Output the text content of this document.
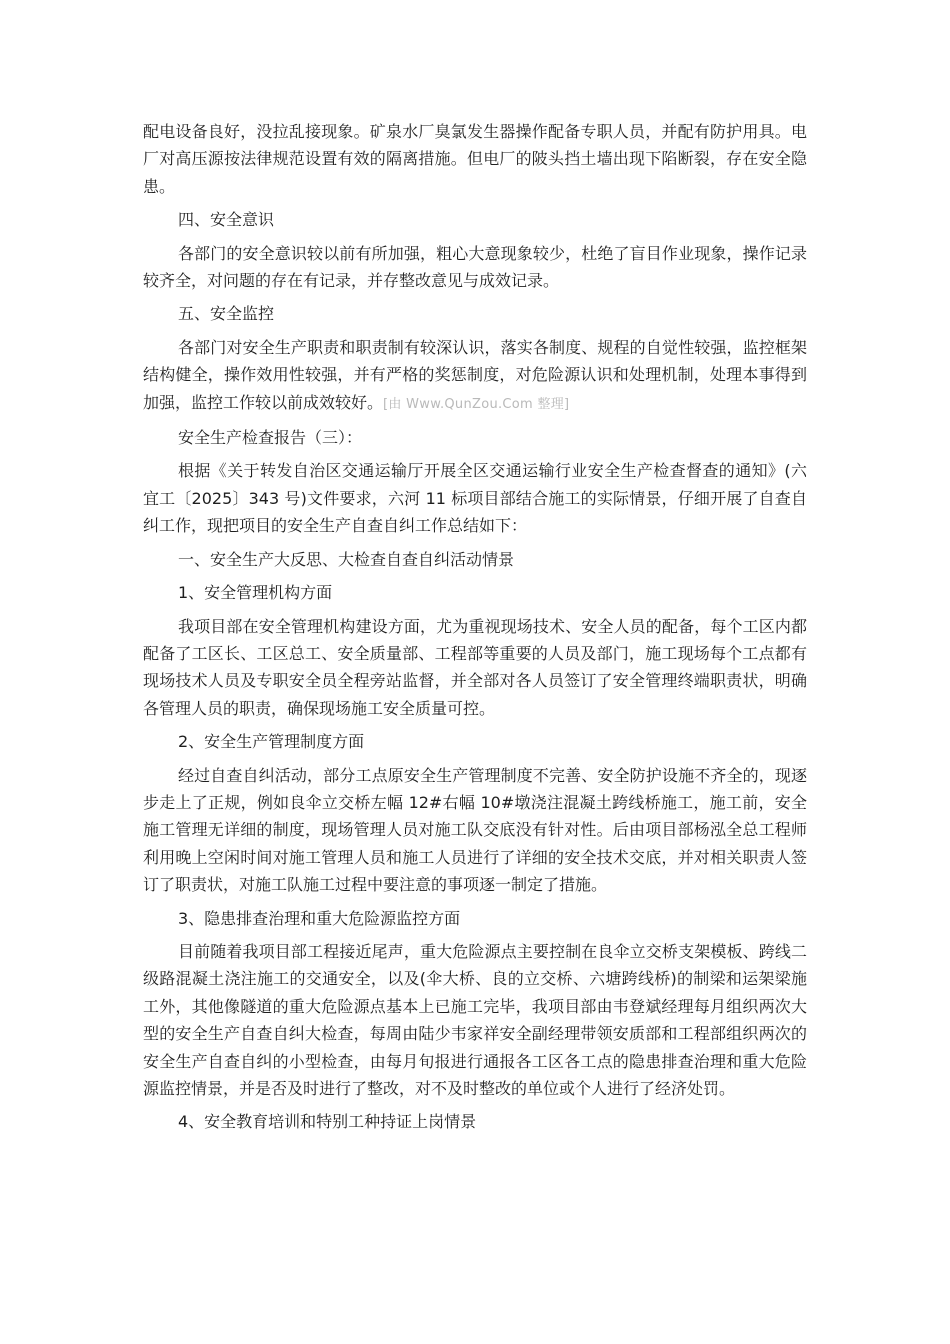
配电设备良好，没拉乱接现象。矿泉水厂臭氯发生器操作配备专职人员，并配有防护用具。电厂对高压源按法律规范设置有效的隔离措施。但电厂的陂头挡土墙出现下陷断裂，存在安全隐患。

四、安全意识

各部门的安全意识较以前有所加强，粗心大意现象较少，杜绝了盲目作业现象，操作记录较齐全，对问题的存在有记录，并存整改意见与成效记录。

五、安全监控

各部门对安全生产职责和职责制有较深认识，落实各制度、规程的自觉性较强，监控框架结构健全，操作效用性较强，并有严格的奖惩制度，对危险源认识和处理机制，处理本事得到加强，监控工作较以前成效较好。[由 Www.QunZou.Com 整理]

安全生产检查报告（三）：

根据《关于转发自治区交通运输厅开展全区交通运输行业安全生产检查督查的通知》(六宜工〔2025〕343 号)文件要求，六河 11 标项目部结合施工的实际情景，仔细开展了自查自纠工作，现把项目的安全生产自查自纠工作总结如下：

一、安全生产大反思、大检查自查自纠活动情景

1、安全管理机构方面

我项目部在安全管理机构建设方面，尤为重视现场技术、安全人员的配备，每个工区内都配备了工区长、工区总工、安全质量部、工程部等重要的人员及部门，施工现场每个工点都有现场技术人员及专职安全员全程旁站监督，并全部对各人员签订了安全管理终端职责状，明确各管理人员的职责，确保现场施工安全质量可控。

2、安全生产管理制度方面

经过自查自纠活动，部分工点原安全生产管理制度不完善、安全防护设施不齐全的，现逐步走上了正规，例如良伞立交桥左幅 12#右幅 10#墩浇注混凝土跨线桥施工，施工前，安全施工管理无详细的制度，现场管理人员对施工队交底没有针对性。后由项目部杨泓全总工程师利用晚上空闲时间对施工管理人员和施工人员进行了详细的安全技术交底，并对相关职责人签订了职责状，对施工队施工过程中要注意的事项逐一制定了措施。

3、隐患排查治理和重大危险源监控方面

目前随着我项目部工程接近尾声，重大危险源点主要控制在良伞立交桥支架模板、跨线二级路混凝土浇注施工的交通安全，以及(伞大桥、良的立交桥、六塘跨线桥)的制梁和运架梁施工外，其他像隧道的重大危险源点基本上已施工完毕，我项目部由韦登斌经理每月组织两次大型的安全生产自查自纠大检查，每周由陆少韦家祥安全副经理带领安质部和工程部组织两次的安全生产自查自纠的小型检查，由每月旬报进行通报各工区各工点的隐患排查治理和重大危险源监控情景，并是否及时进行了整改，对不及时整改的单位或个人进行了经济处罚。

4、安全教育培训和特别工种持证上岗情景
